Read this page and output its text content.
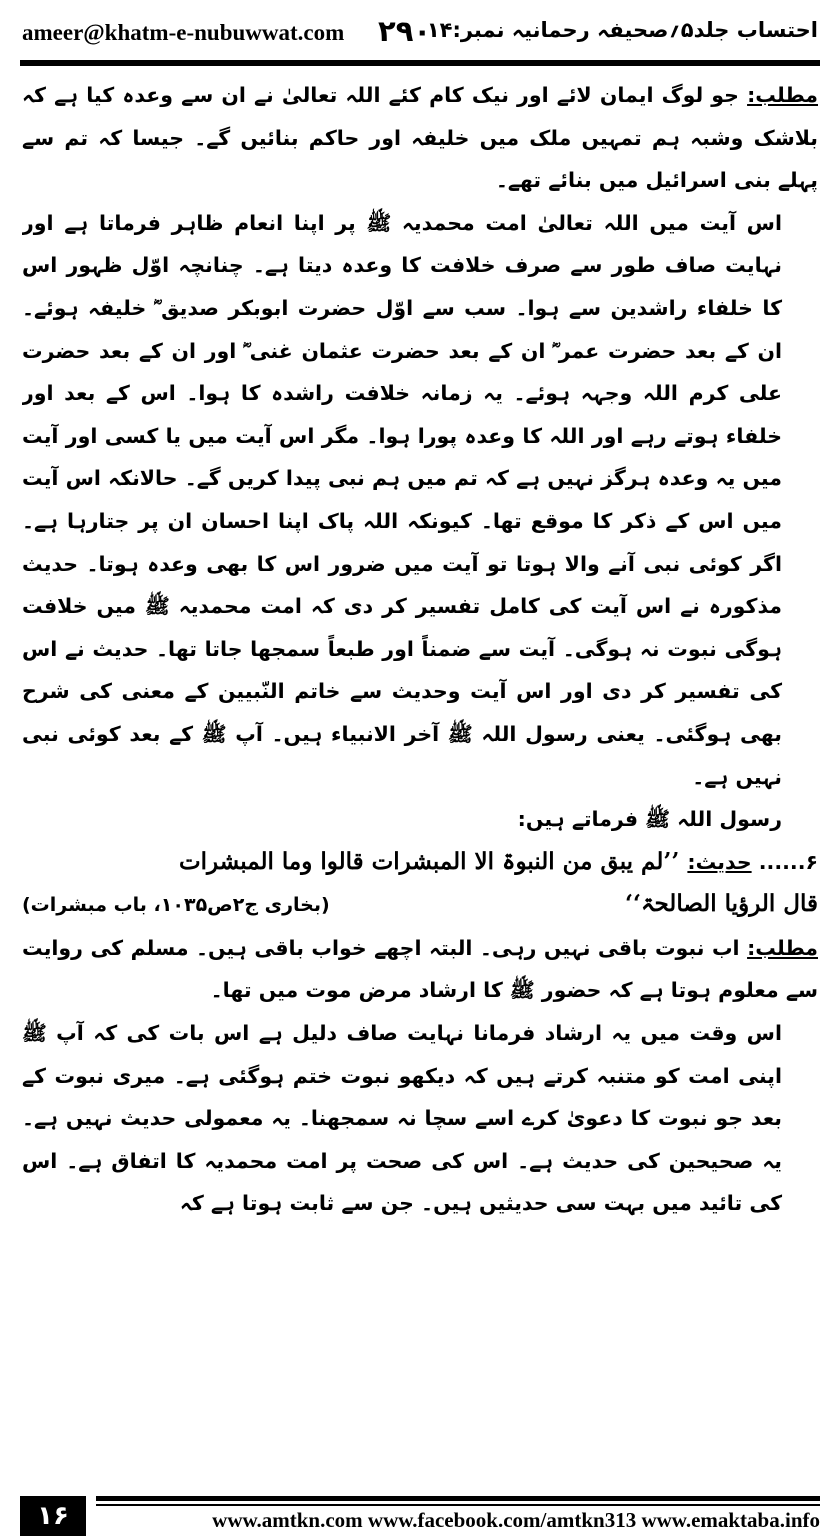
ameer@khatm-e-nubuwwat.com ۲۹۰
احتساب جلد۵؍صحیفہ رحمانیہ نمبر:۱۴

مطلب: جو لوگ ایمان لائے اور نیک کام کئے اللہ تعالیٰ نے ان سے وعدہ کیا ہے کہ بلاشک وشبہ ہم تمہیں ملک میں خلیفہ اور حاکم بنائیں گے۔ جیسا کہ تم سے پہلے بنی اسرائیل میں بنائے تھے۔

اس آیت میں اللہ تعالیٰ امت محمدیہ ﷺ پر اپنا انعام ظاہر فرماتا ہے اور نہایت صاف طور سے صرف خلافت کا وعدہ دیتا ہے۔ چنانچہ اوّل ظہور اس کا خلفاء راشدین سے ہوا۔ سب سے اوّل حضرت ابوبکر صدیق ؓ خلیفہ ہوئے۔ ان کے بعد حضرت عمر ؓ ان کے بعد حضرت عثمان غنی ؓ اور ان کے بعد حضرت علی کرم اللہ وجہہ ہوئے۔ یہ زمانہ خلافت راشدہ کا ہوا۔ اس کے بعد اور خلفاء ہوتے رہے اور اللہ کا وعدہ پورا ہوا۔ مگر اس آیت میں یا کسی اور آیت میں یہ وعدہ ہرگز نہیں ہے کہ تم میں ہم نبی پیدا کریں گے۔ حالانکہ اس آیت میں اس کے ذکر کا موقع تھا۔ کیونکہ اللہ پاک اپنا احسان ان پر جتارہا ہے۔ اگر کوئی نبی آنے والا ہوتا تو آیت میں ضرور اس کا بھی وعدہ ہوتا۔ حدیث مذکورہ نے اس آیت کی کامل تفسیر کر دی کہ امت محمدیہ ﷺ میں خلافت ہوگی نبوت نہ ہوگی۔ آیت سے ضمناً اور طبعاً سمجھا جاتا تھا۔ حدیث نے اس کی تفسیر کر دی اور اس آیت وحدیث سے خاتم النّبیین کے معنی کی شرح بھی ہوگئی۔ یعنی رسول اللہ ﷺ آخر الانبیاء ہیں۔ آپ ﷺ کے بعد کوئی نبی نہیں ہے۔

رسول اللہ ﷺ فرماتے ہیں:

۶...... حدیث: ’’لم یبق من النبوۃ الا المبشرات قالوا وما المبشرات

قال الرؤیا الصالحۃ‘‘
(بخاری ج۲ص۱۰۳۵، باب مبشرات)

مطلب: اب نبوت باقی نہیں رہی۔ البتہ اچھے خواب باقی ہیں۔ مسلم کی روایت سے معلوم ہوتا ہے کہ حضور ﷺ کا ارشاد مرض موت میں تھا۔

اس وقت میں یہ ارشاد فرمانا نہایت صاف دلیل ہے اس بات کی کہ آپ ﷺ اپنی امت کو متنبہ کرتے ہیں کہ دیکھو نبوت ختم ہوگئی ہے۔ میری نبوت کے بعد جو نبوت کا دعویٰ کرے اسے سچا نہ سمجھنا۔ یہ معمولی حدیث نہیں ہے۔ یہ صحیحین کی حدیث ہے۔ اس کی صحت پر امت محمدیہ کا اتفاق ہے۔ اس کی تائید میں بہت سی حدیثیں ہیں۔ جن سے ثابت ہوتا ہے کہ

۱۶	www.amtkn.com www.facebook.com/amtkn313 www.emaktaba.info
